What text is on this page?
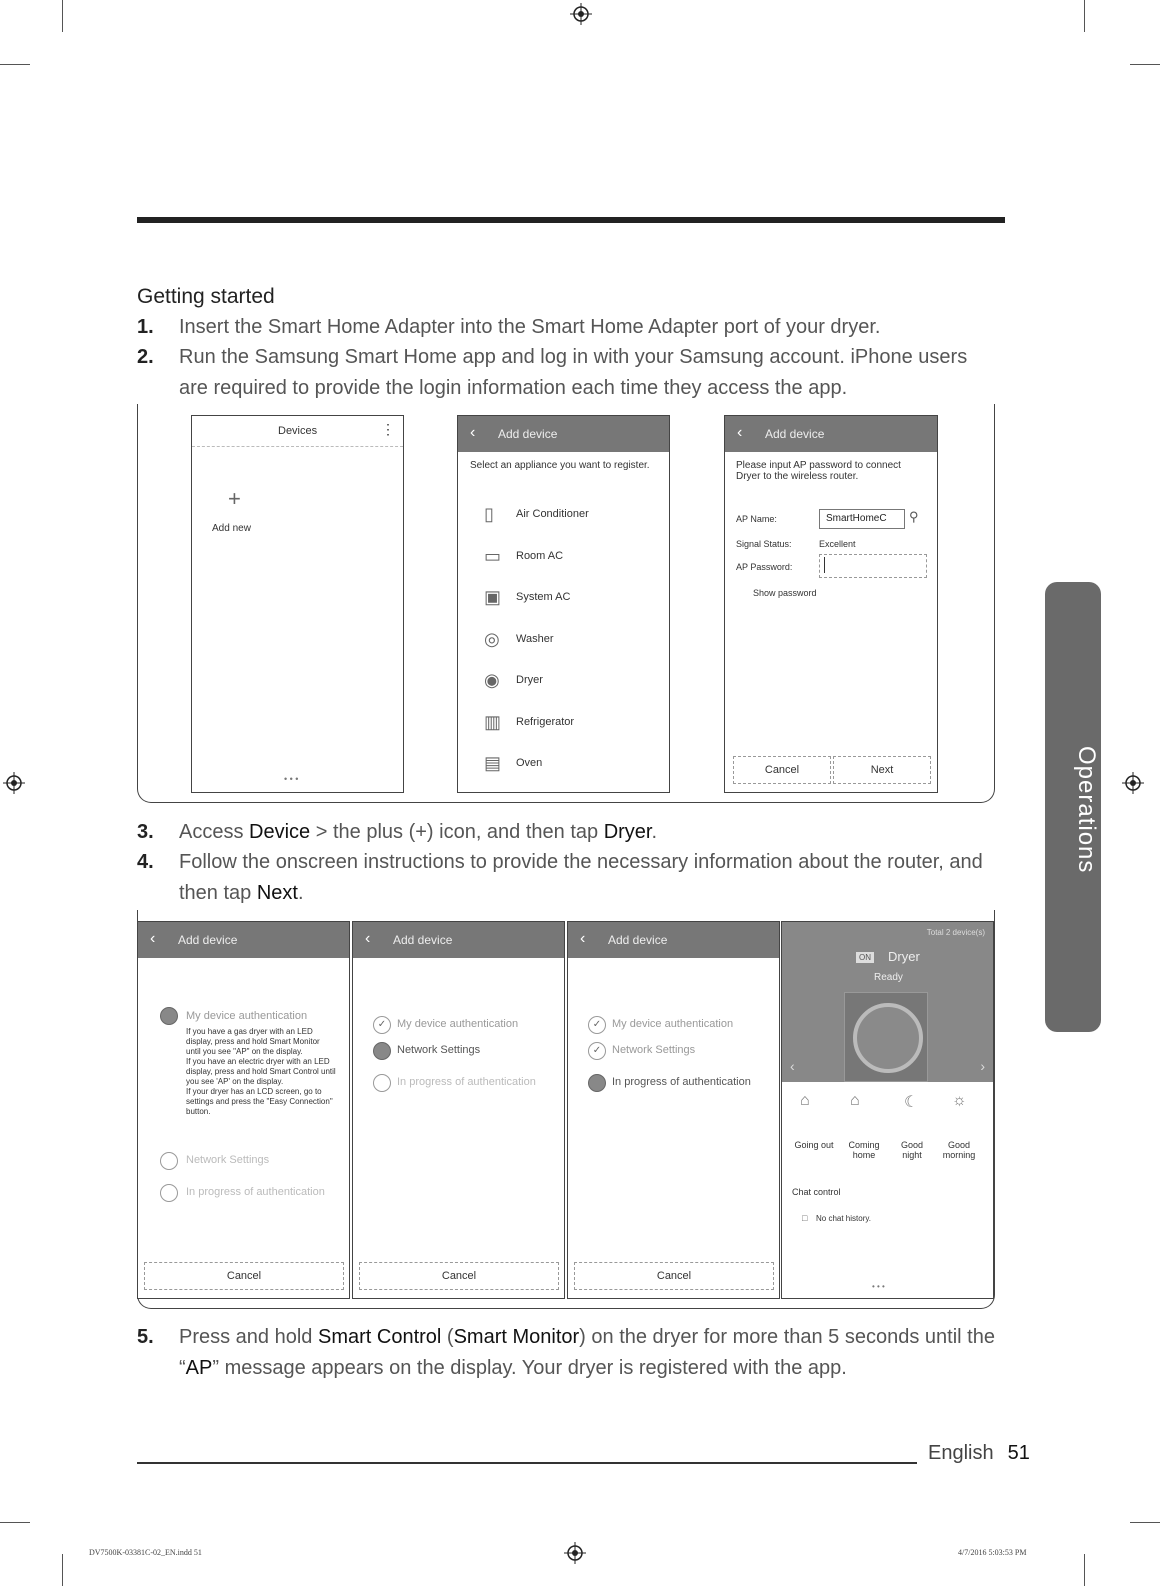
Getting started
1. Insert the Smart Home Adapter into the Smart Home Adapter port of your dryer.
2. Run the Samsung Smart Home app and log in with your Samsung account. iPhone users are required to provide the login information each time they access the app.
Devices	⋮
+
Add new
• • •
‹ Add device
Select an appliance you want to register.
▯ Air Conditioner
▭ Room AC
▣ System AC
◎ Washer
◉ Dryer
▥ Refrigerator
▤ Oven
‹ Add device
Please input AP password to connect Dryer to the wireless router.
AP Name:	SmartHomeC ⚲
Signal Status:	Excellent
AP Password:
Show password
Cancel	Next
3. Access Device > the plus (+) icon, and then tap Dryer.
4. Follow the onscreen instructions to provide the necessary information about the router, and then tap Next.
‹ Add device
My device authentication
If you have a gas dryer with an LED display, press and hold Smart Monitor until you see "AP" on the display.
If you have an electric dryer with an LED display, press and hold Smart Control until you see 'AP' on the display.
If your dryer has an LCD screen, go to settings and press the "Easy Connection" button.
Network Settings
In progress of authentication
Cancel
‹ Add device
✓ My device authentication
Network Settings
In progress of authentication
Cancel
‹ Add device
✓ My device authentication
✓ Network Settings
In progress of authentication
Cancel
Total 2 device(s)
ON Dryer
Ready
‹	›
⌂	⌂	☾ ☼
Going out	Coming home
Good night
Good morning
Chat control
□ No chat history.
• • •
5. Press and hold Smart Control (Smart Monitor) on the dryer for more than 5 seconds until the “AP” message appears on the display. Your dryer is registered with the app.
Operations
English 51
DV7500K-03381C-02_EN.indd 51	4/7/2016 5:03:53 PM
